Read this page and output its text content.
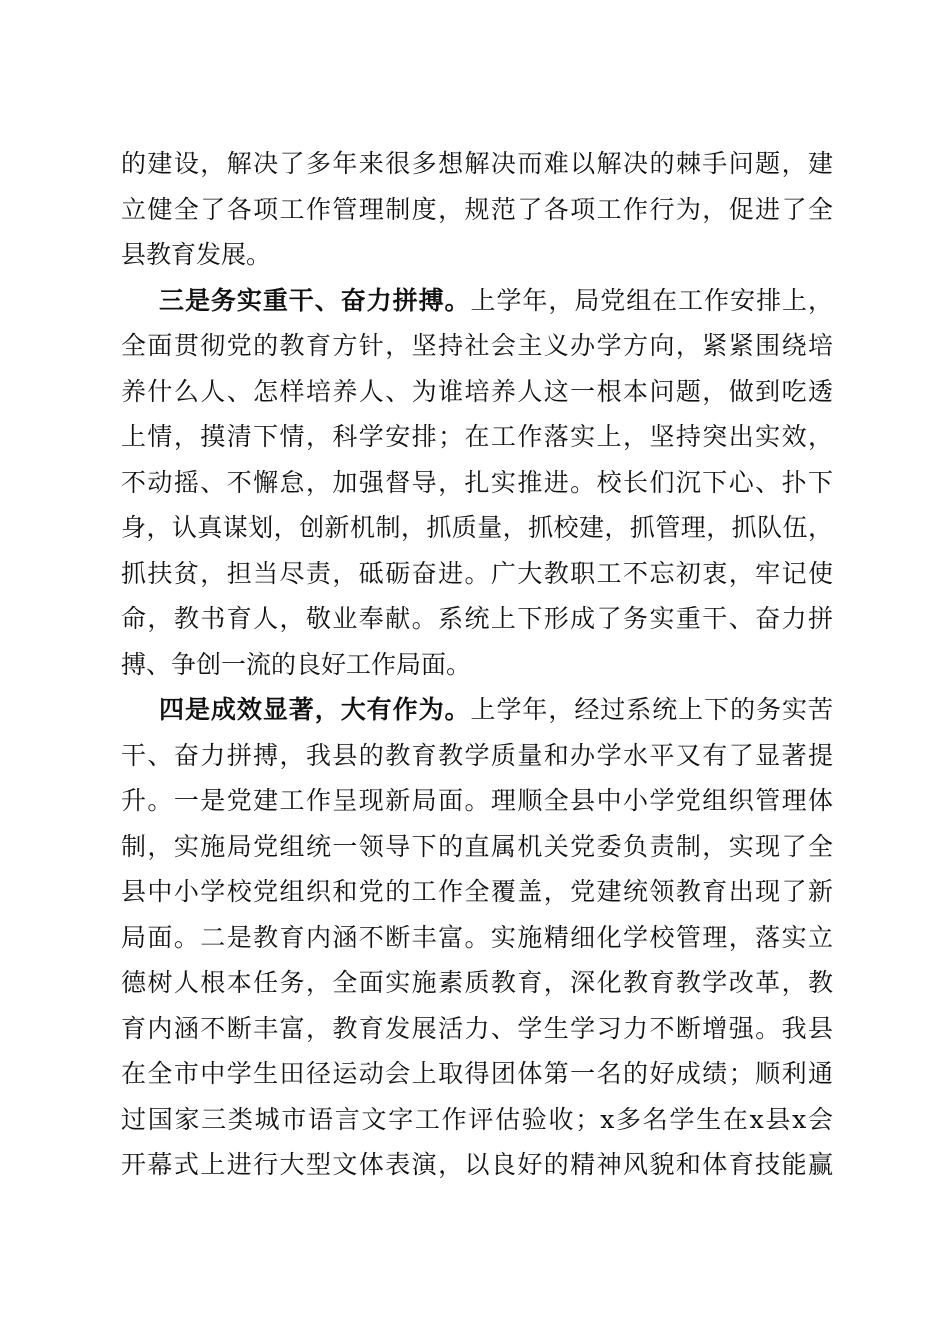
的建设，解决了多年来很多想解决而难以解决的棘手问题，建
立健全了各项工作管理制度，规范了各项工作行为，促进了全
县教育发展。
三是务实重干、奋力拼搏。上学年，局党组在工作安排上，
全面贯彻党的教育方针，坚持社会主义办学方向，紧紧围绕培
养什么人、怎样培养人、为谁培养人这一根本问题，做到吃透
上情，摸清下情，科学安排；在工作落实上，坚持突出实效，
不动摇、不懈怠，加强督导，扎实推进。校长们沉下心、扑下
身，认真谋划，创新机制，抓质量，抓校建，抓管理，抓队伍，
抓扶贫，担当尽责，砥砺奋进。广大教职工不忘初衷，牢记使
命，教书育人，敬业奉献。系统上下形成了务实重干、奋力拼
搏、争创一流的良好工作局面。
四是成效显著，大有作为。上学年，经过系统上下的务实苦
干、奋力拼搏，我县的教育教学质量和办学水平又有了显著提
升。一是党建工作呈现新局面。理顺全县中小学党组织管理体
制，实施局党组统一领导下的直属机关党委负责制，实现了全
县中小学校党组织和党的工作全覆盖，党建统领教育出现了新
局面。二是教育内涵不断丰富。实施精细化学校管理，落实立
德树人根本任务，全面实施素质教育，深化教育教学改革，教
育内涵不断丰富，教育发展活力、学生学习力不断增强。我县
在全市中学生田径运动会上取得团体第一名的好成绩；顺利通
过国家三类城市语言文字工作评估验收；x多名学生在x县x会
开幕式上进行大型文体表演，以良好的精神风貌和体育技能赢
